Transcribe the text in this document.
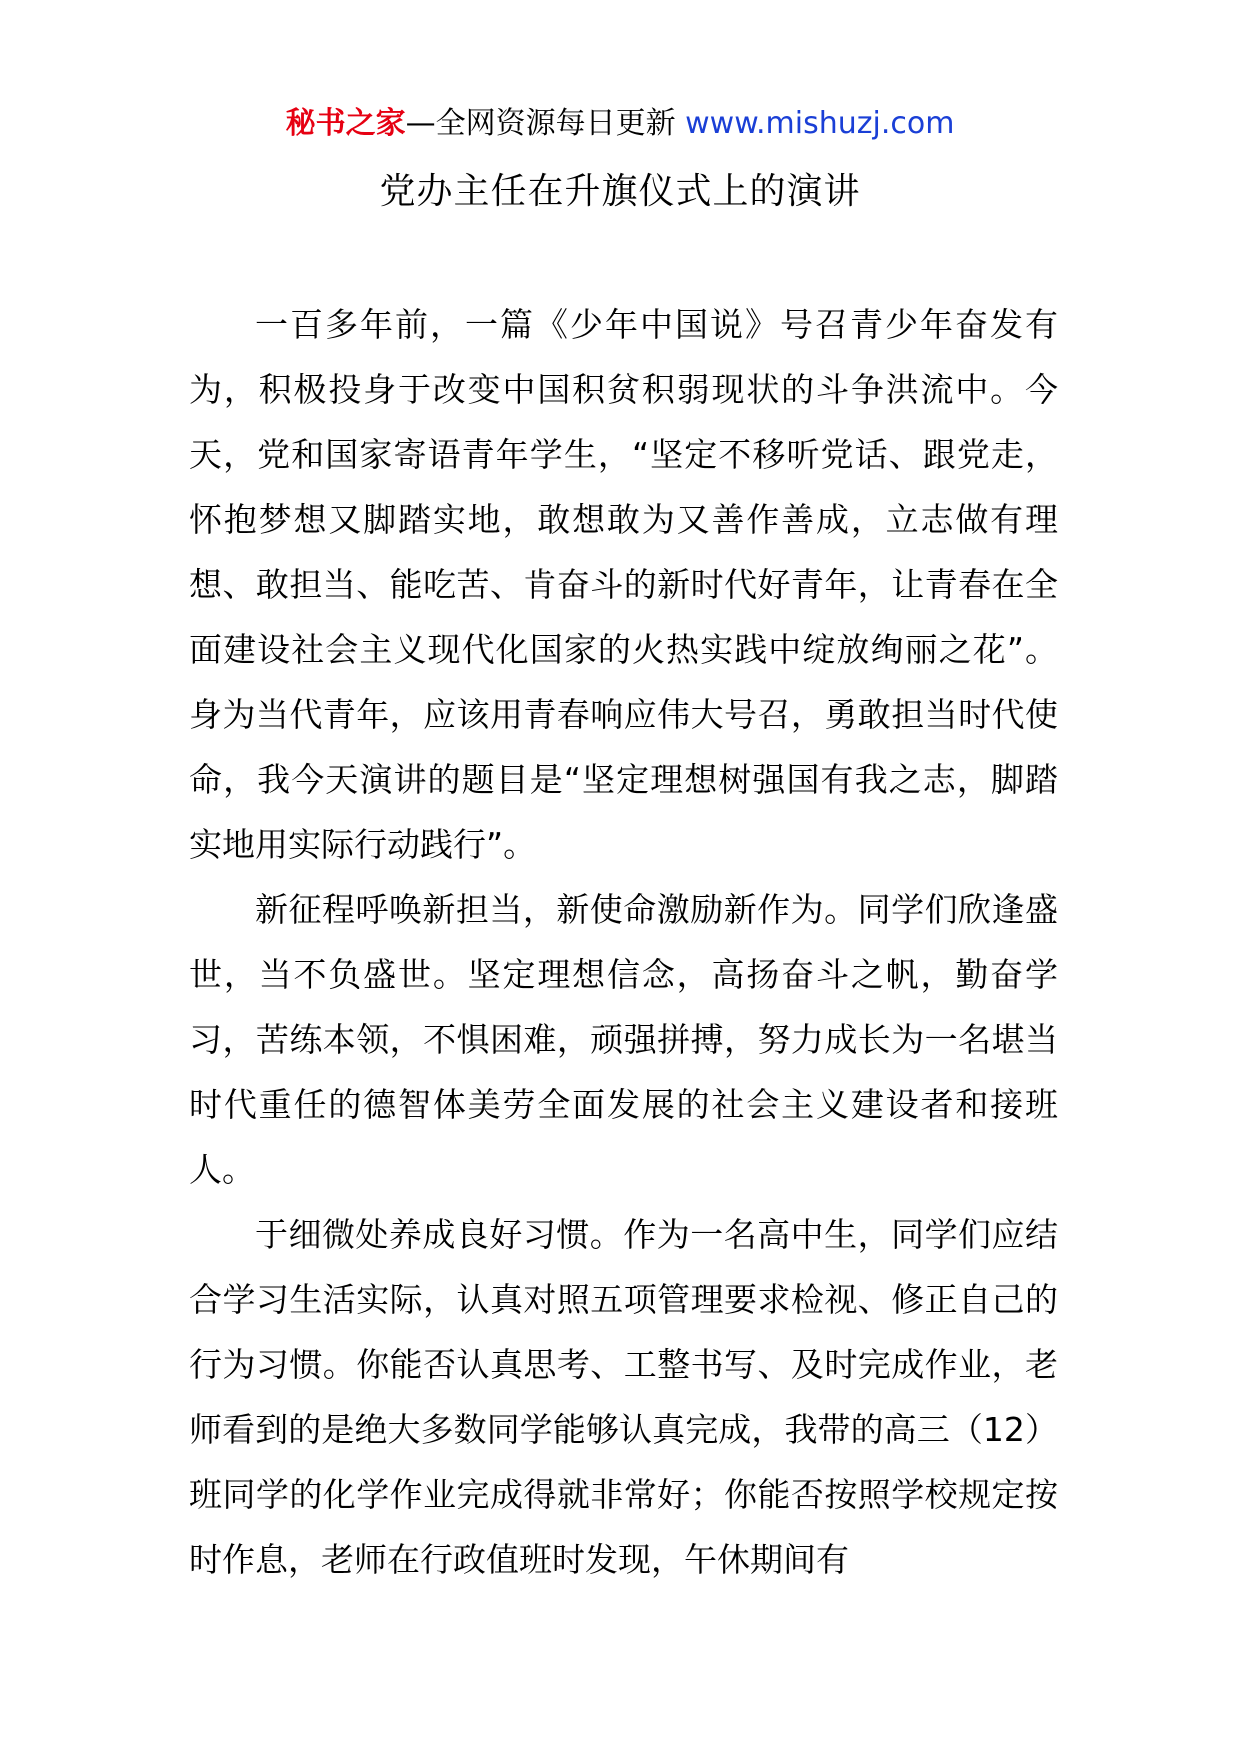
秘书之家—全网资源每日更新 www.mishuzj.com
党办主任在升旗仪式上的演讲

一百多年前，一篇《少年中国说》号召青少年奋发有为，积极投身于改变中国积贫积弱现状的斗争洪流中。今天，党和国家寄语青年学生，“坚定不移听党话、跟党走，怀抱梦想又脚踏实地，敢想敢为又善作善成，立志做有理想、敢担当、能吃苦、肯奋斗的新时代好青年，让青春在全面建设社会主义现代化国家的火热实践中绽放绚丽之花”。身为当代青年，应该用青春响应伟大号召，勇敢担当时代使命，我今天演讲的题目是“坚定理想树强国有我之志，脚踏实地用实际行动践行”。

新征程呼唤新担当，新使命激励新作为。同学们欣逢盛世，当不负盛世。坚定理想信念，高扬奋斗之帆，勤奋学习，苦练本领，不惧困难，顽强拼搏，努力成长为一名堪当时代重任的德智体美劳全面发展的社会主义建设者和接班人。

于细微处养成良好习惯。作为一名高中生，同学们应结合学习生活实际，认真对照五项管理要求检视、修正自己的行为习惯。你能否认真思考、工整书写、及时完成作业，老师看到的是绝大多数同学能够认真完成，我带的高三（12）班同学的化学作业完成得就非常好；你能否按照学校规定按时作息，老师在行政值班时发现，午休期间有
